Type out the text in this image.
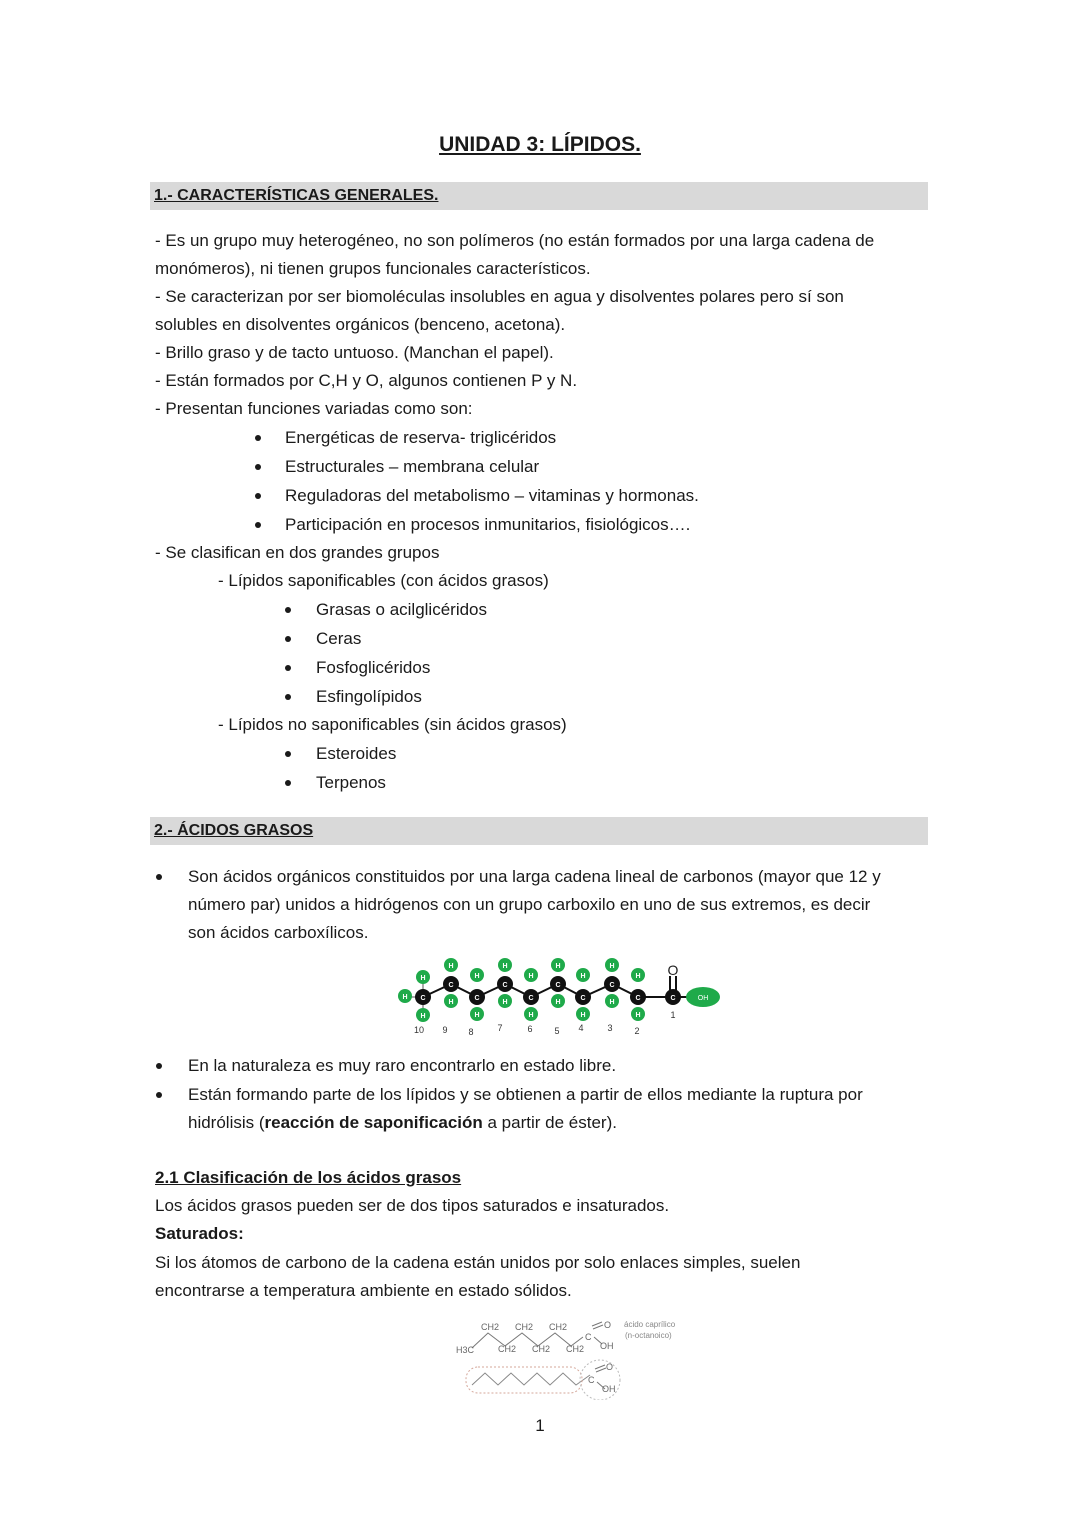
UNIDAD 3: LÍPIDOS.
1.- CARACTERÍSTICAS GENERALES.
- Es un grupo muy heterogéneo, no son polímeros (no están formados por una larga cadena de
monómeros), ni tienen grupos funcionales característicos.
- Se caracterizan por ser biomoléculas insolubles en agua y disolventes polares pero sí son
solubles en disolventes orgánicos (benceno, acetona).
- Brillo graso y de tacto untuoso. (Manchan el papel).
- Están formados por C,H y O, algunos contienen P y N.
- Presentan funciones variadas como son:
Energéticas de reserva- triglicéridos
Estructurales – membrana celular
Reguladoras del metabolismo – vitaminas y hormonas.
Participación en procesos inmunitarios, fisiológicos….
- Se clasifican en dos grandes grupos
- Lípidos saponificables (con ácidos grasos)
Grasas o acilglicéridos
Ceras
Fosfoglicéridos
Esfingolípidos
- Lípidos no saponificables (sin ácidos grasos)
Esteroides
Terpenos
2.- ÁCIDOS GRASOS
Son ácidos orgánicos constituidos por una larga cadena lineal de carbonos (mayor que 12 y
número par) unidos a hidrógenos con un grupo carboxilo en uno de sus extremos, es decir
son ácidos carboxílicos.
C
C
C
C
C
C
C
C
C	C
H
H
H
H
H
H
H
H
H
H
H
H
H
H
H
H
H
H
H
OH
O
10 9 8	7	6 5 4	3 2
1
En la naturaleza es muy raro encontrarlo en estado libre.
Están formando parte de los lípidos y se obtienen a partir de ellos mediante la ruptura por
hidrólisis (reacción de saponificación a partir de éster).
2.1 Clasificación de los ácidos grasos
Los ácidos grasos pueden ser de dos tipos saturados e insaturados.
Saturados:
Si los átomos de carbono de la cadena están unidos por solo enlaces simples, suelen
encontrarse a temperatura ambiente en estado sólidos.
H3C
CH2
CH2
CH2
CH2
CH2
CH2
C
O
OH
C
O
OH
ácido caprílico
(n-octanoico)
1
